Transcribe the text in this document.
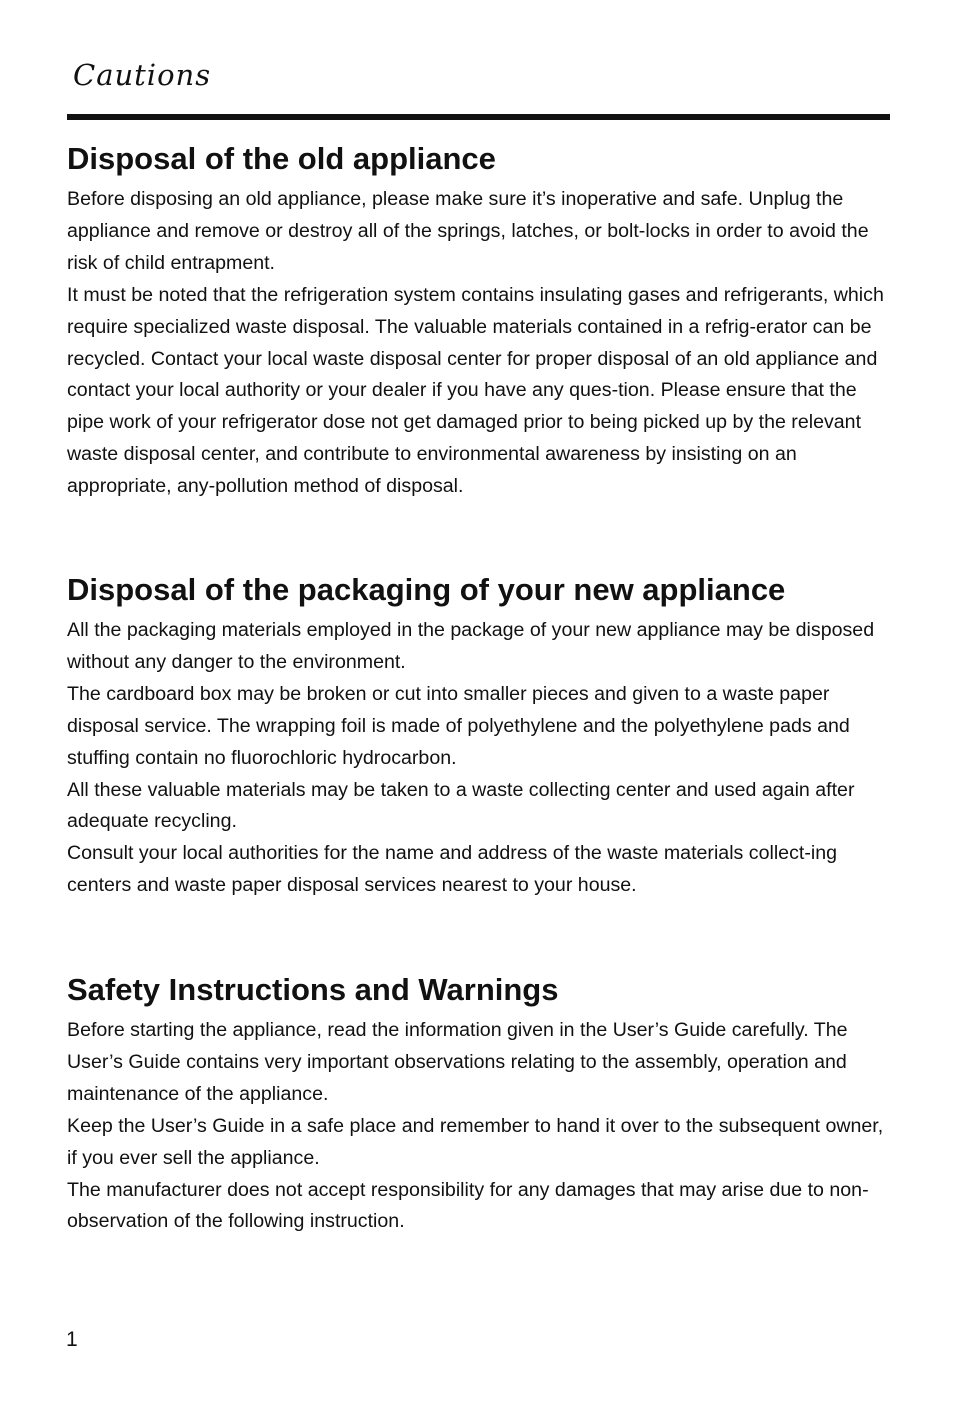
Cautions
Disposal of the old appliance

Before disposing an old appliance, please make sure it’s inoperative and safe. Unplug the appliance and remove or destroy all of the springs, latches, or bolt-locks in order to avoid the risk of child entrapment.

It must be noted that the refrigeration system contains insulating gases and refrigerants, which require specialized waste disposal. The valuable materials contained in a refrig-erator can be recycled. Contact your local waste disposal center for proper disposal of an old appliance and contact your local authority or your dealer if you have any ques-tion. Please ensure that the pipe work of your refrigerator dose not get damaged prior to being picked up by the relevant waste disposal center, and contribute to environmental awareness by insisting on an appropriate, any-pollution method of disposal.

Disposal of the packaging of your new appliance

All the packaging materials employed in the package of your new appliance may be disposed without any danger to the environment.

The cardboard box may be broken or cut into smaller pieces and given to a waste paper disposal service. The wrapping foil is made of polyethylene and the polyethylene pads and stuffing contain no fluorochloric hydrocarbon.

All these valuable materials may be taken to a waste collecting center and used again after adequate recycling.

Consult your local authorities for the name and address of the waste materials collect-ing centers and waste paper disposal services nearest to your house.

Safety Instructions and Warnings

Before starting the appliance, read the information given in the User’s Guide carefully. The User’s Guide contains very important observations relating to the assembly, operation and maintenance of the appliance.

Keep the User’s Guide in a safe place and remember to hand it over to the subsequent owner, if you ever sell the appliance.

The manufacturer does not accept responsibility for any damages that may arise due to non-observation of the following instruction.

1
